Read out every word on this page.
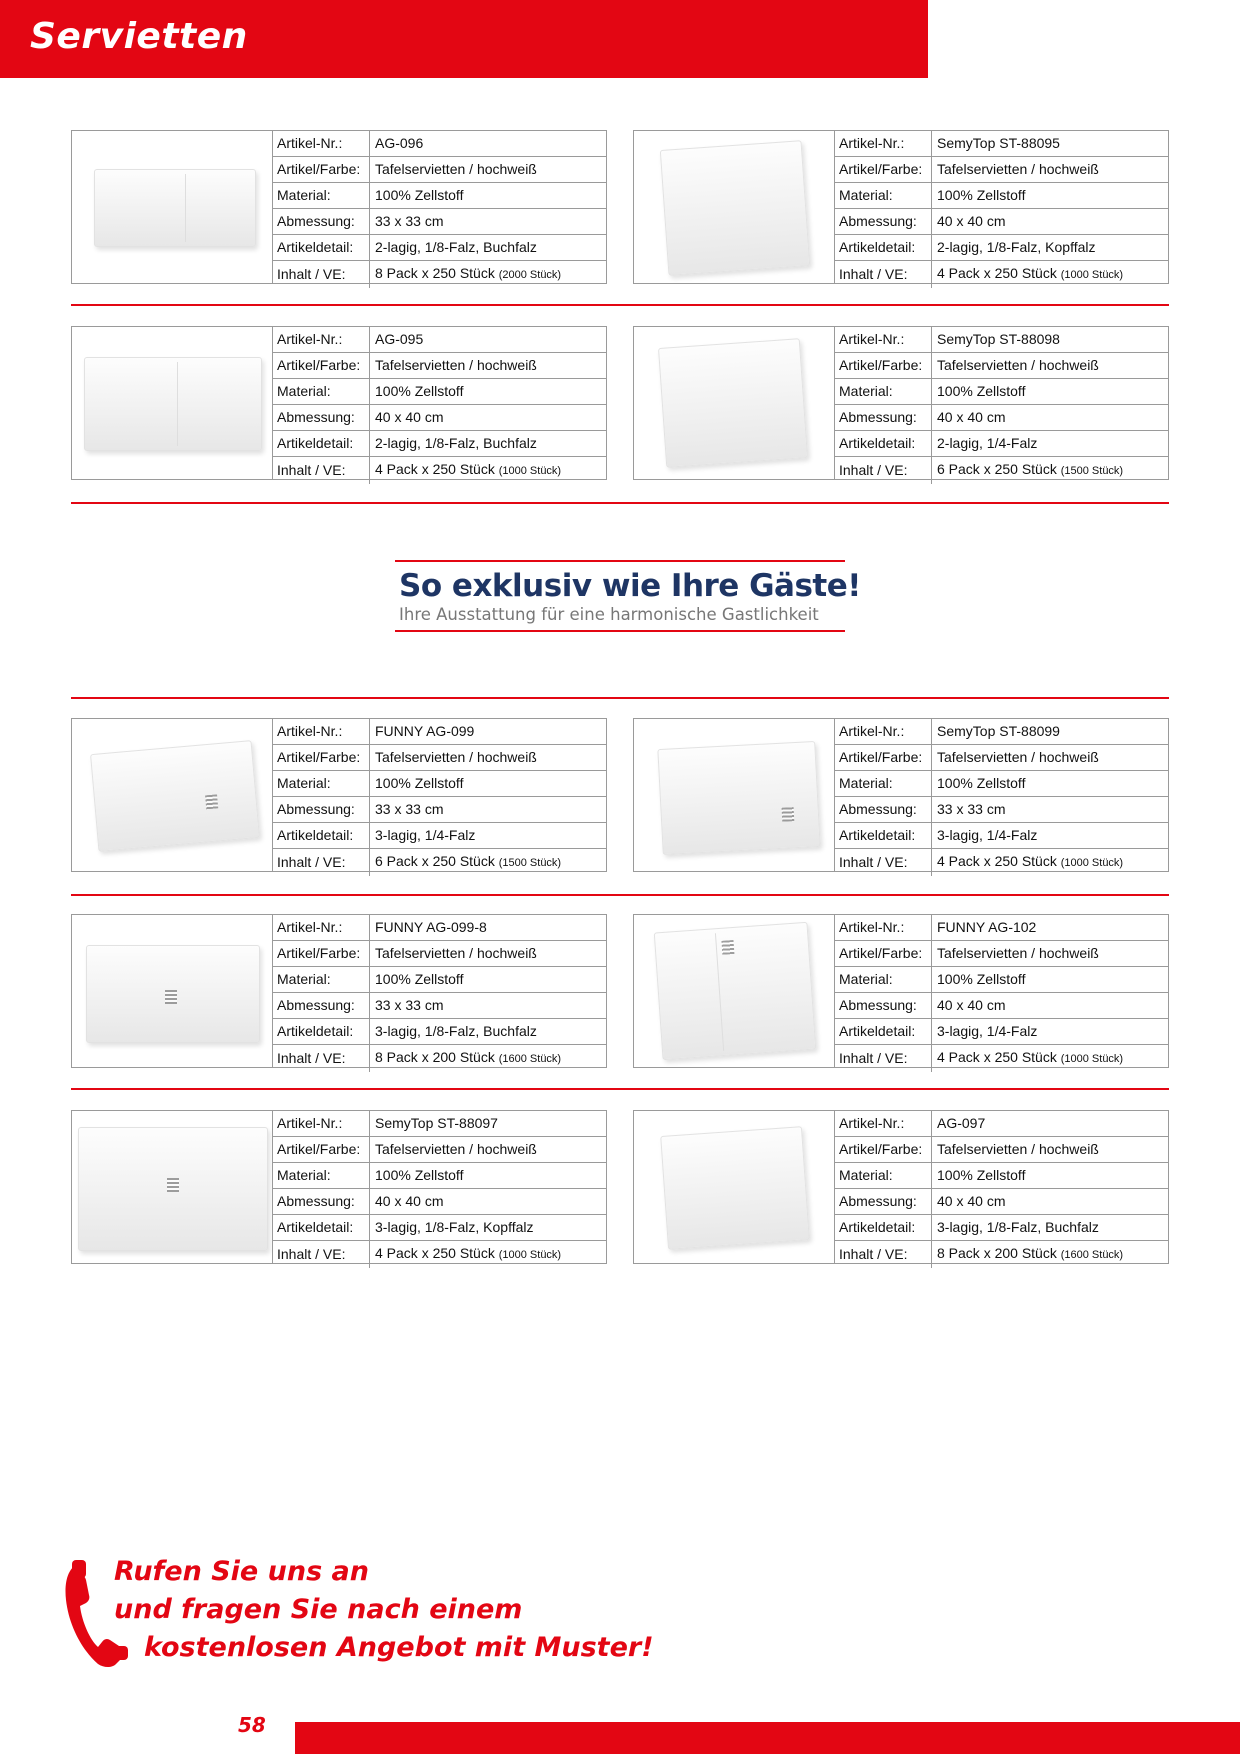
Servietten
Artikel-Nr.:	AG-096
Artikel/Farbe:	Tafelservietten / hochweiß
Material:	100% Zellstoff
Abmessung:	33 x 33 cm
Artikeldetail:	2-lagig, 1/8-Falz, Buchfalz
Inhalt / VE:	8 Pack x 250 Stück (2000 Stück)
Artikel-Nr.:	SemyTop ST-88095
Artikel/Farbe:	Tafelservietten / hochweiß
Material:	100% Zellstoff
Abmessung:	40 x 40 cm
Artikeldetail:	2-lagig, 1/8-Falz, Kopffalz
Inhalt / VE:	4 Pack x 250 Stück (1000 Stück)
Artikel-Nr.:	AG-095
Artikel/Farbe:	Tafelservietten / hochweiß
Material:	100% Zellstoff
Abmessung:	40 x 40 cm
Artikeldetail:	2-lagig, 1/8-Falz, Buchfalz
Inhalt / VE:	4 Pack x 250 Stück (1000 Stück)
Artikel-Nr.:	SemyTop ST-88098
Artikel/Farbe:	Tafelservietten / hochweiß
Material:	100% Zellstoff
Abmessung:	40 x 40 cm
Artikeldetail:	2-lagig, 1/4-Falz
Inhalt / VE:	6 Pack x 250 Stück (1500 Stück)
Artikel-Nr.:	FUNNY AG-099
Artikel/Farbe:	Tafelservietten / hochweiß
Material:	100% Zellstoff
Abmessung:	33 x 33 cm
Artikeldetail:	3-lagig, 1/4-Falz
Inhalt / VE:	6 Pack x 250 Stück (1500 Stück)
Artikel-Nr.:	SemyTop ST-88099
Artikel/Farbe:	Tafelservietten / hochweiß
Material:	100% Zellstoff
Abmessung:	33 x 33 cm
Artikeldetail:	3-lagig, 1/4-Falz
Inhalt / VE:	4 Pack x 250 Stück (1000 Stück)
Artikel-Nr.:	FUNNY AG-099-8
Artikel/Farbe:	Tafelservietten / hochweiß
Material:	100% Zellstoff
Abmessung:	33 x 33 cm
Artikeldetail:	3-lagig, 1/8-Falz, Buchfalz
Inhalt / VE:	8 Pack x 200 Stück (1600 Stück)
Artikel-Nr.:	FUNNY AG-102
Artikel/Farbe:	Tafelservietten / hochweiß
Material:	100% Zellstoff
Abmessung:	40 x 40 cm
Artikeldetail:	3-lagig, 1/4-Falz
Inhalt / VE:	4 Pack x 250 Stück (1000 Stück)
Artikel-Nr.:	SemyTop ST-88097
Artikel/Farbe:	Tafelservietten / hochweiß
Material:	100% Zellstoff
Abmessung:	40 x 40 cm
Artikeldetail:	3-lagig, 1/8-Falz, Kopffalz
Inhalt / VE:	4 Pack x 250 Stück (1000 Stück)
Artikel-Nr.:	AG-097
Artikel/Farbe:	Tafelservietten / hochweiß
Material:	100% Zellstoff
Abmessung:	40 x 40 cm
Artikeldetail:	3-lagig, 1/8-Falz, Buchfalz
Inhalt / VE:	8 Pack x 200 Stück (1600 Stück)
So exklusiv wie Ihre Gäste!
Ihre Ausstattung für eine harmonische Gastlichkeit
Rufen Sie uns an
und fragen Sie nach einem
kostenlosen Angebot mit Muster!
58
